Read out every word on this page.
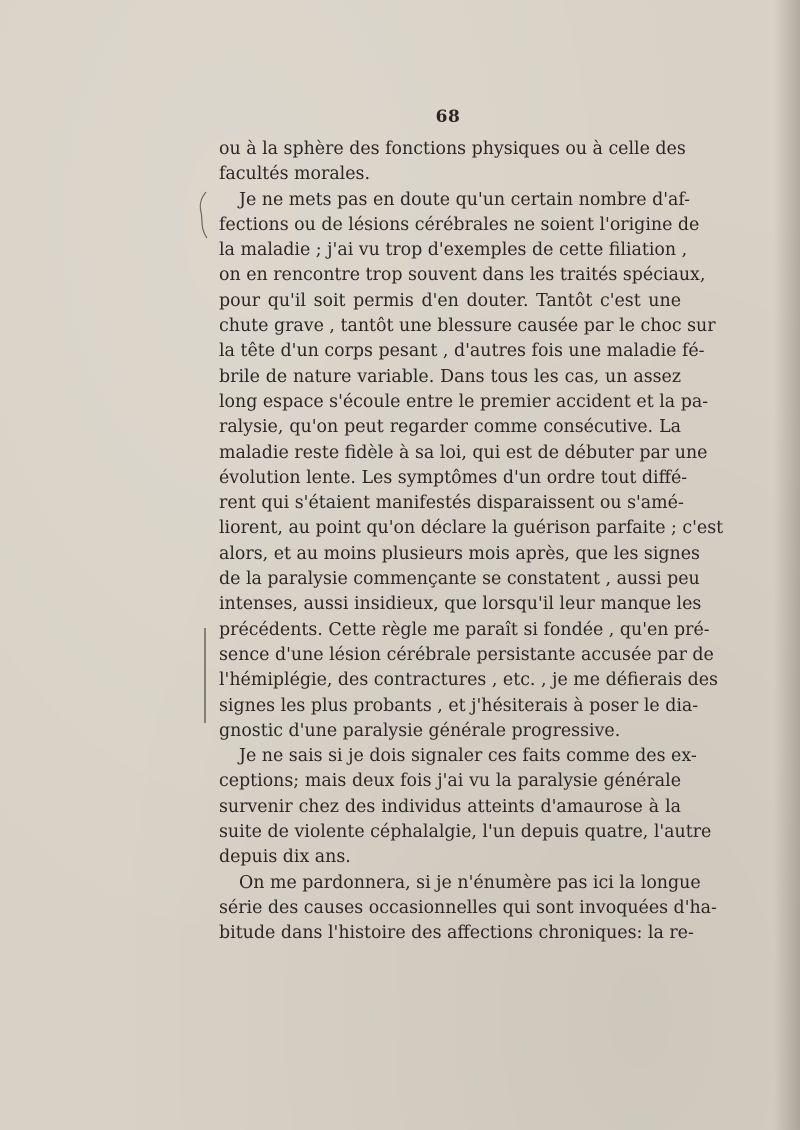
68
ou à la sphère des fonctions physiques ou à celle des
facultés morales.
Je ne mets pas en doute qu'un certain nombre d'af-
fections ou de lésions cérébrales ne soient l'origine de
la maladie ; j'ai vu trop d'exemples de cette filiation ,
on en rencontre trop souvent dans les traités spéciaux,
pour qu'il soit permis d'en douter. Tantôt c'est une
chute grave , tantôt une blessure causée par le choc sur
la tête d'un corps pesant , d'autres fois une maladie fé-
brile de nature variable. Dans tous les cas, un assez
long espace s'écoule entre le premier accident et la pa-
ralysie, qu'on peut regarder comme consécutive. La
maladie reste fidèle à sa loi, qui est de débuter par une
évolution lente. Les symptômes d'un ordre tout diffé-
rent qui s'étaient manifestés disparaissent ou s'amé-
liorent, au point qu'on déclare la guérison parfaite ; c'est
alors, et au moins plusieurs mois après, que les signes
de la paralysie commençante se constatent , aussi peu
intenses, aussi insidieux, que lorsqu'il leur manque les
précédents. Cette règle me paraît si fondée , qu'en pré-
sence d'une lésion cérébrale persistante accusée par de
l'hémiplégie, des contractures , etc. , je me défierais des
signes les plus probants , et j'hésiterais à poser le dia-
gnostic d'une paralysie générale progressive.
Je ne sais si je dois signaler ces faits comme des ex-
ceptions; mais deux fois j'ai vu la paralysie générale
survenir chez des individus atteints d'amaurose à la
suite de violente céphalalgie, l'un depuis quatre, l'autre
depuis dix ans.
On me pardonnera, si je n'énumère pas ici la longue
série des causes occasionnelles qui sont invoquées d'ha-
bitude dans l'histoire des affections chroniques: la re-
